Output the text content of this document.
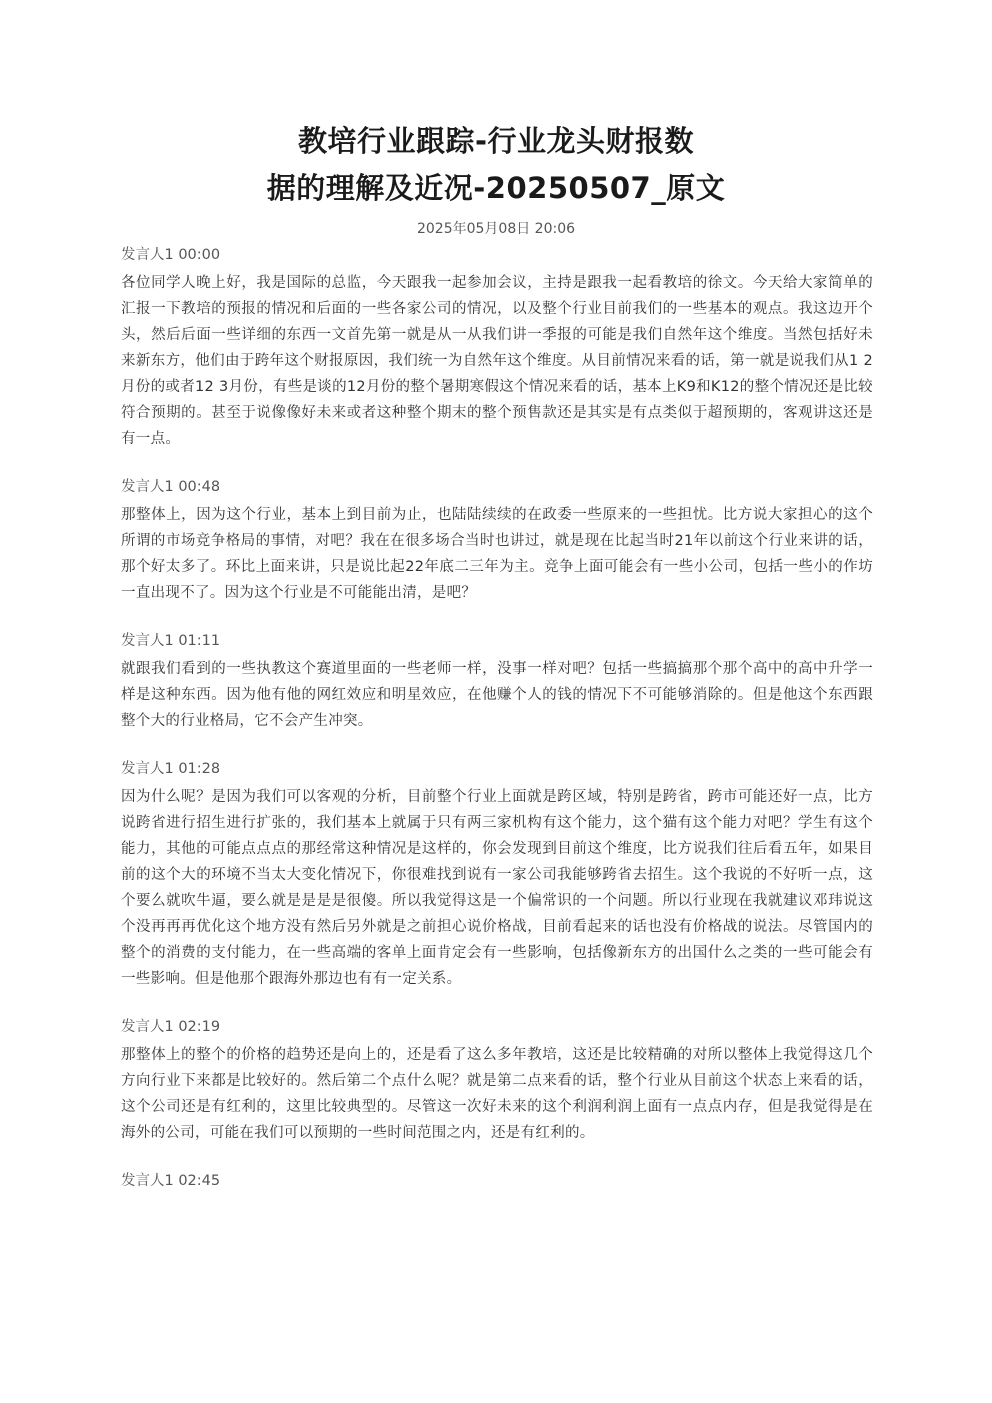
教培行业跟踪-行业龙头财报数

据的理解及近况-20250507_原文

2025年05月08日 20:06
发言人1 00:00

各位同学人晚上好，我是国际的总监，今天跟我一起参加会议，主持是跟我一起看教培的徐文。今天给大家简单的汇报一下教培的预报的情况和后面的一些各家公司的情况，以及整个行业目前我们的一些基本的观点。我这边开个头，然后后面一些详细的东西一文首先第一就是从一从我们讲一季报的可能是我们自然年这个维度。当然包括好未来新东方，他们由于跨年这个财报原因，我们统一为自然年这个维度。从目前情况来看的话，第一就是说我们从1 2月份的或者12 3月份，有些是谈的12月份的整个暑期寒假这个情况来看的话，基本上K9和K12的整个情况还是比较符合预期的。甚至于说像像好未来或者这种整个期末的整个预售款还是其实是有点类似于超预期的，客观讲这还是有一点。

发言人1 00:48

那整体上，因为这个行业，基本上到目前为止，也陆陆续续的在政委一些原来的一些担忧。比方说大家担心的这个所谓的市场竞争格局的事情，对吧？我在在很多场合当时也讲过，就是现在比起当时21年以前这个行业来讲的话，那个好太多了。环比上面来讲，只是说比起22年底二三年为主。竞争上面可能会有一些小公司，包括一些小的作坊一直出现不了。因为这个行业是不可能能出清，是吧？

发言人1 01:11

就跟我们看到的一些执教这个赛道里面的一些老师一样，没事一样对吧？包括一些搞搞那个那个高中的高中升学一样是这种东西。因为他有他的网红效应和明星效应，在他赚个人的钱的情况下不可能够消除的。但是他这个东西跟整个大的行业格局，它不会产生冲突。

发言人1 01:28

因为什么呢？是因为我们可以客观的分析，目前整个行业上面就是跨区域，特别是跨省，跨市可能还好一点，比方说跨省进行招生进行扩张的，我们基本上就属于只有两三家机构有这个能力，这个猫有这个能力对吧？学生有这个能力，其他的可能点点点的那经常这种情况是这样的，你会发现到目前这个维度，比方说我们往后看五年，如果目前的这个大的环境不当太大变化情况下，你很难找到说有一家公司我能够跨省去招生。这个我说的不好听一点，这个要么就吹牛逼，要么就是是是是很傻。所以我觉得这是一个偏常识的一个问题。所以行业现在我就建议邓玮说这个没再再再优化这个地方没有然后另外就是之前担心说价格战，目前看起来的话也没有价格战的说法。尽管国内的整个的消费的支付能力，在一些高端的客单上面肯定会有一些影响，包括像新东方的出国什么之类的一些可能会有一些影响。但是他那个跟海外那边也有有一定关系。

发言人1 02:19

那整体上的整个的价格的趋势还是向上的，还是看了这么多年教培，这还是比较精确的对所以整体上我觉得这几个方向行业下来都是比较好的。然后第二个点什么呢？就是第二点来看的话，整个行业从目前这个状态上来看的话，这个公司还是有红利的，这里比较典型的。尽管这一次好未来的这个利润利润上面有一点点内存，但是我觉得是在海外的公司，可能在我们可以预期的一些时间范围之内，还是有红利的。

发言人1 02:45
